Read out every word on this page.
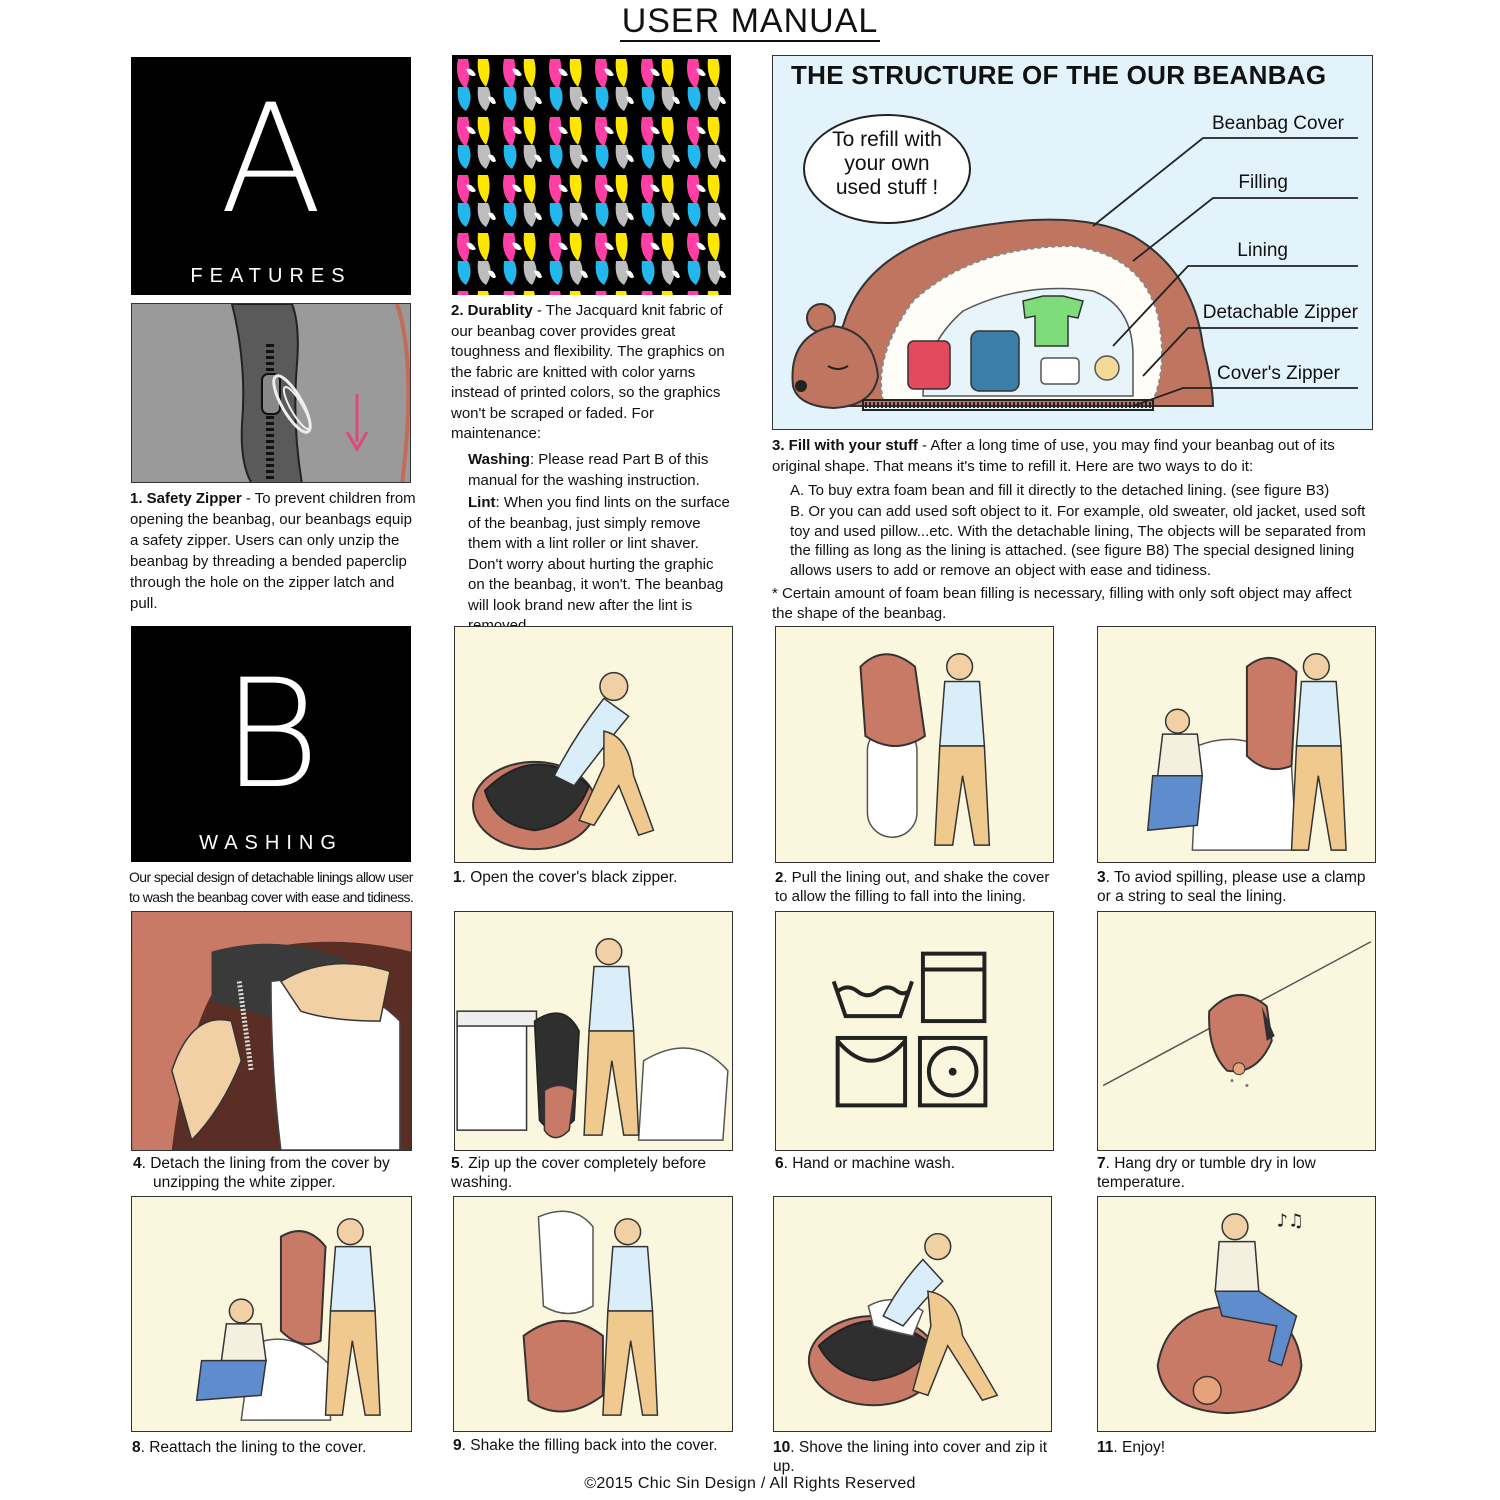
USER MANUAL
A
FEATURES
1. Safety Zipper - To prevent children from opening the beanbag, our beanbags equip a safety zipper. Users can only unzip the beanbag by threading a bended paperclip through the hole on the zipper latch and pull.
2. Durablity - The Jacquard knit fabric of our beanbag cover provides great toughness and flexibility. The graphics on the fabric are knitted with color yarns instead of printed colors, so the graphics won't be scraped or faded. For maintenance:
Washing: Please read Part B of this manual for the washing instruction.
Lint: When you find lints on the surface of the beanbag, just simply remove them with a lint roller or lint shaver. Don't worry about hurting the graphic on the beanbag, it won't. The beanbag will look brand new after the lint is
THE STRUCTURE OF THE OUR BEANBAG
To refill with your own used stuff !
Beanbag Cover
Filling
Lining
Detachable Zipper
Cover's Zipper
3. Fill with your stuff - After a long time of use, you may find your beanbag out of its original shape. That means it's time to refill it. Here are two ways to do it:
A. To buy extra foam bean and fill it directly to the detached lining. (see figure B3)
B. Or you can add used soft object to it. For example, old sweater, old jacket, used soft toy and used pillow...etc. With the detachable lining, The objects will be separated from the filling as long as the lining is attached. (see figure B8) The special designed lining allows users to add or remove an object with ease and tidiness.
* Certain amount of foam bean filling is necessary, filling with only soft object may affect the shape of the beanbag.
B
WASHING
Our special design of detachable linings allow user to wash the beanbag cover with ease and tidiness.
1. Open the cover's black zipper.	2. Pull the lining out, and shake the cover to allow the filling to fall into the lining.
3. To aviod spilling, please use a clamp or a string to seal the lining.
4. Detach the lining from the cover by unzipping the white zipper.
5. Zip up the cover completely before washing.
6. Hand or machine wash.	7. Hang dry or tumble dry in low temperature.
♪♫
8. Reattach the lining to the cover.	9. Shake the filling back into the cover.	10. Shove the lining into cover and zip it up.
11. Enjoy!
©2015 Chic Sin Design / All Rights Reserved
